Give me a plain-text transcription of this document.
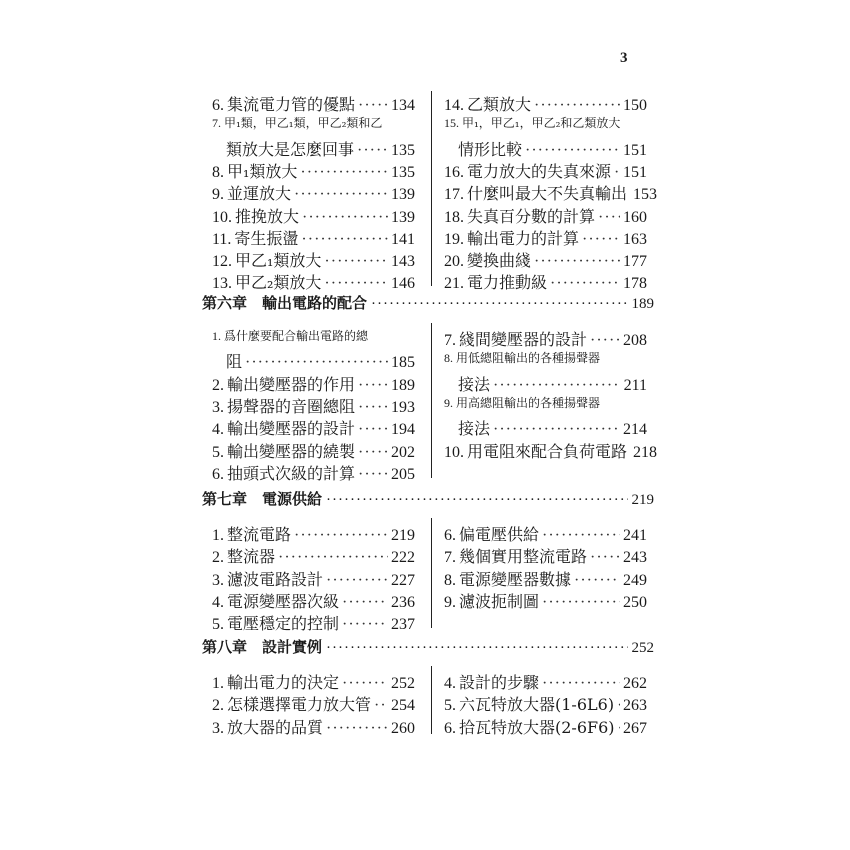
3
6. 集流電力管的優點 ····· 134
7. 甲₁類，甲乙₁類，甲乙₂類和乙
類放大是怎麼回事 ····· 135
8. 甲₁類放大 ·····	135
9. 並運放大 ·····	139
10. 推挽放大 ·····	139
11. 寄生振盪 ·····	141
12. 甲乙₁類放大 ·····	143
13. 甲乙₂類放大 ·····	146
14. 乙類放大 ·····	150
15. 甲₁，甲乙₁，甲乙₂和乙類放大
情形比較 ·····	151
16. 電力放大的失真來源 ····· 151
17. 什麼叫最大不失真輸出 153
18. 失真百分數的計算 ····· 160
19. 輸出電力的計算 ·····	163
20. 變換曲綫 ·····	177
21. 電力推動級 ·····	178
第六章　輸出電路的配合 ·····	189
1. 爲什麼要配合輸出電路的總
阻 ·····	185
2. 輸出變壓器的作用 ····· 189
3. 揚聲器的音圈總阻 ····· 193
4. 輸出變壓器的設計 ····· 194
5. 輸出變壓器的繞製 ····· 202
6. 抽頭式次級的計算 ····· 205
7. 綫間變壓器的設計 ····· 208
8. 用低總阻輸出的各種揚聲器
接法 ·····	211
9. 用高總阻輸出的各種揚聲器
接法 ·····	214
10. 用電阻來配合負荷電路 218
第七章　電源供給 ·····	219
1. 整流電路 ·····	219
2. 整流器 ·····	222
3. 濾波電路設計 ·····	227
4. 電源變壓器次級 ·····	236
5. 電壓穩定的控制 ·····	237
6. 偏電壓供給 ·····	241
7. 幾個實用整流電路 ····· 243
8. 電源變壓器數據 ·····	249
9. 濾波扼制圖 ·····	250
第八章　設計實例 ·····	252
1. 輸出電力的決定 ·····	252
2. 怎樣選擇電力放大管 ····· 254
3. 放大器的品質 ·····	260
4. 設計的步驟 ·····	262
5. 六瓦特放大器(1-6L6) ····· 263
6. 拾瓦特放大器(2-6F6) ····· 267
